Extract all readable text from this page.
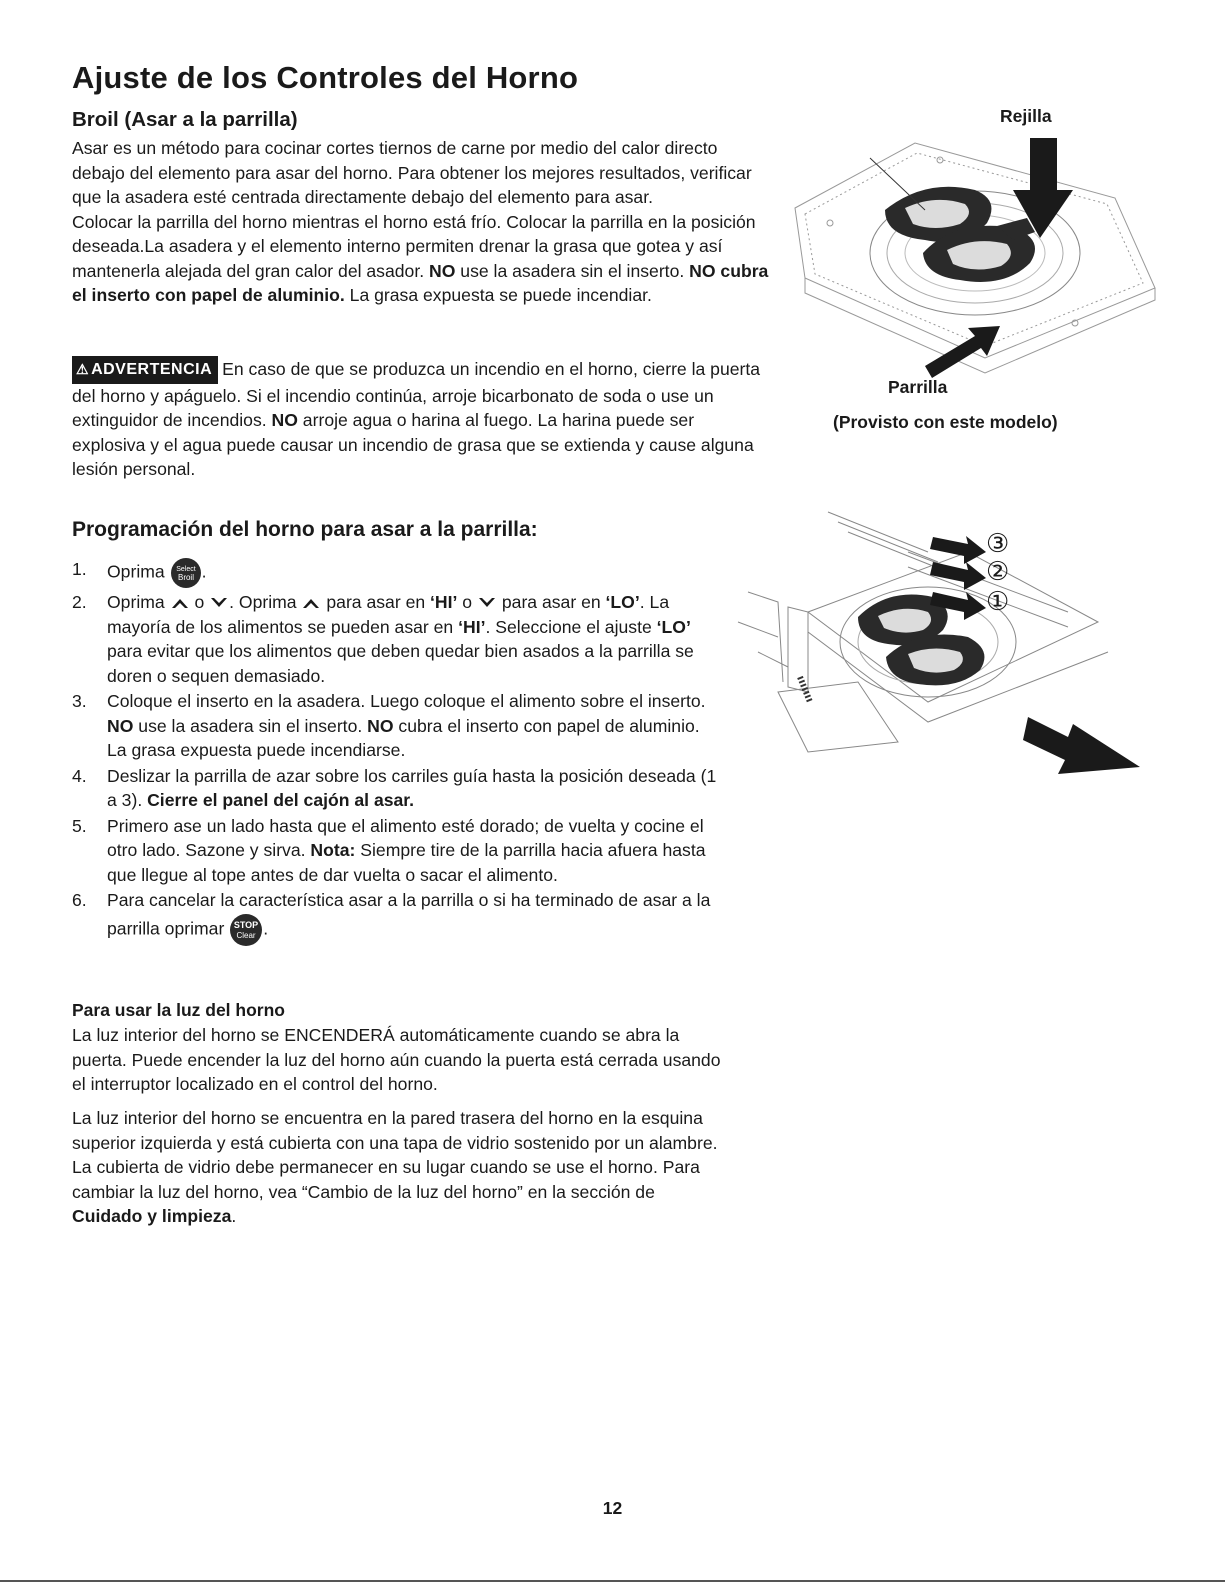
Ajuste de los Controles del Horno
Broil (Asar a la parrilla)
Asar es un método para cocinar cortes tiernos de carne por medio del calor directo debajo del elemento para asar del horno. Para obtener los mejores resultados, verificar que la asadera esté centrada directamente debajo del elemento para asar.
Colocar la parrilla del horno mientras el horno está frío. Colocar la parrilla en la posición deseada.La asadera y el elemento interno permiten drenar la grasa que gotea y así mantenerla alejada del gran calor del asador. NO use la asadera sin el inserto. NO cubra el inserto con papel de aluminio. La grasa expuesta se puede incendiar.
⚠ ADVERTENCIA En caso de que se produzca un incendio en el horno, cierre la puerta del horno y apáguelo. Si el incendio continúa, arroje bicarbonato de soda o use un extinguidor de incendios. NO arroje agua o harina al fuego. La harina puede ser explosiva y el agua puede causar un incendio de grasa que se extienda y cause alguna lesión personal.
Programación del horno para asar a la parrilla:
1. Oprima Select
Broil .
2. Oprima  o . Oprima  para asar en ‘HI’ o  para asar en ‘LO’. La mayoría de los alimentos se pueden asar en ‘HI’. Seleccione el ajuste ‘LO’ para evitar que los alimentos que deben quedar bien asados a la parrilla se doren o sequen demasiado.
3. Coloque el inserto en la asadera. Luego coloque el alimento sobre el inserto. NO use la asadera sin el inserto. NO cubra el inserto con papel de aluminio. La grasa expuesta puede incendiarse.
4. Deslizar la parrilla de azar sobre los carriles guía hasta la posición deseada (1 a 3). Cierre el panel del cajón al asar.
5. Primero ase un lado hasta que el alimento esté dorado; de vuelta y cocine el otro lado. Sazone y sirva. Nota: Siempre tire de la parrilla hacia afuera hasta que llegue al tope antes de dar vuelta o sacar el alimento.
6. Para cancelar la característica asar a la parrilla o si ha terminado de asar a la parrilla oprimar STOP
Clear .
Para usar la luz del horno
La luz interior del horno se ENCENDERÁ automáticamente cuando se abra la puerta. Puede encender la luz del horno aún cuando la puerta está cerrada usando el interruptor localizado en el control del horno.
La luz interior del horno se encuentra en la pared trasera del horno en la esquina superior izquierda y está cubierta con una tapa de vidrio sostenido por un alambre. La cubierta de vidrio debe permanecer en su lugar cuando se use el horno. Para cambiar la luz del horno, vea “Cambio de la luz del horno” en la sección de Cuidado y limpieza.
Rejilla
Parrilla
(Provisto con este modelo)
③
②
①
12
